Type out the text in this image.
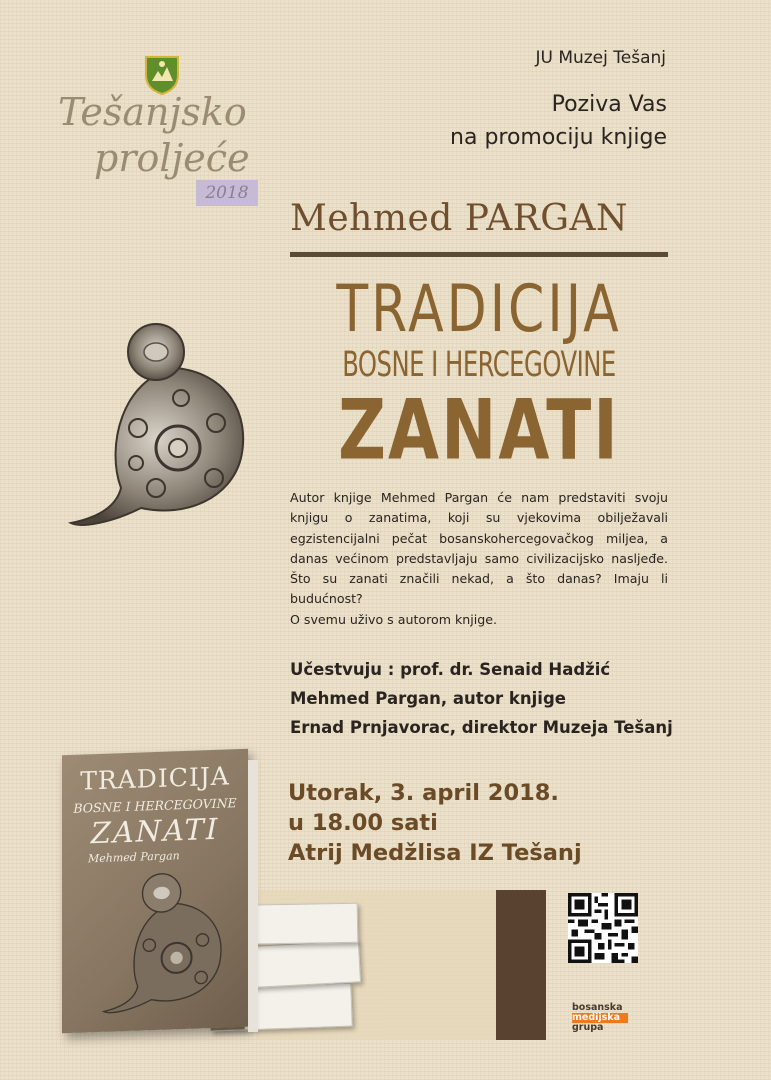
Tešanjsko
proljeće
2018
JU Muzej Tešanj
Poziva Vas
na promociju knjige
Mehmed PARGAN
TRADICIJA
BOSNE I HERCEGOVINE
ZANATI

Autor knjige Mehmed Pargan će nam predstaviti svoju knjigu o zanatima, koji su vjekovima obilježavali egzistencijalni pečat bosanskohercegovačkog miljea, a danas većinom predstavljaju samo civilizacijsko nasljeđe. Što su zanati značili nekad, a što danas? Imaju li budućnost?

O svemu uživo s autorom knjige.

Učestvuju : prof. dr. Senaid Hadžić
Mehmed Pargan, autor knjige
Ernad Prnjavorac, direktor Muzeja Tešanj
Utorak, 3. april 2018.
u 18.00 sati
Atrij Medžlisa IZ Tešanj
bosanska
medijska
grupa
TRADICIJA
BOSNE I HERCEGOVINE
ZANATI
Mehmed Pargan
